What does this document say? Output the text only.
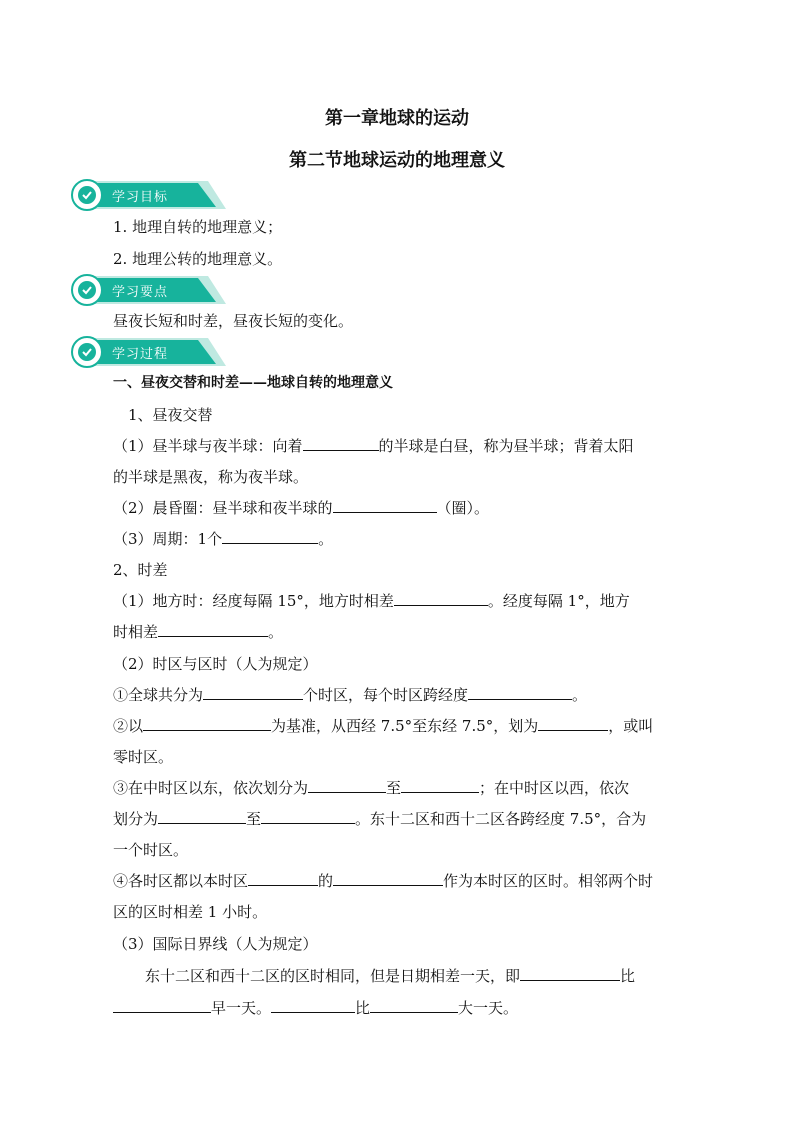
第一章地球的运动
第二节地球运动的地理意义
学习目标
1. 地理自转的地理意义；
2. 地理公转的地理意义。
学习要点
昼夜长短和时差，昼夜长短的变化。
学习过程
一、昼夜交替和时差——地球自转的地理意义
1、昼夜交替
（1）昼半球与夜半球：向着	的半球是白昼，称为昼半球；背着太阳
的半球是黑夜，称为夜半球。
（2）晨昏圈：昼半球和夜半球的	（圈）。
（3）周期：1个	。
2、时差
（1）地方时：经度每隔 15°，地方时相差	。经度每隔 1°，地方
时相差	。
（2）时区与区时（人为规定）
①全球共分为	个时区，每个时区跨经度	。
②以	为基准，从西经 7.5°至东经 7.5°，划为	，或叫
零时区。
③在中时区以东，依次划分为	至	；在中时区以西，依次
划分为	至	。东十二区和西十二区各跨经度 7.5°，合为
一个时区。
④各时区都以本时区	的	作为本时区的区时。相邻两个时
区的区时相差 1 小时。
（3）国际日界线（人为规定）
东十二区和西十二区的区时相同，但是日期相差一天，即	比
早一天。	比	大一天。
